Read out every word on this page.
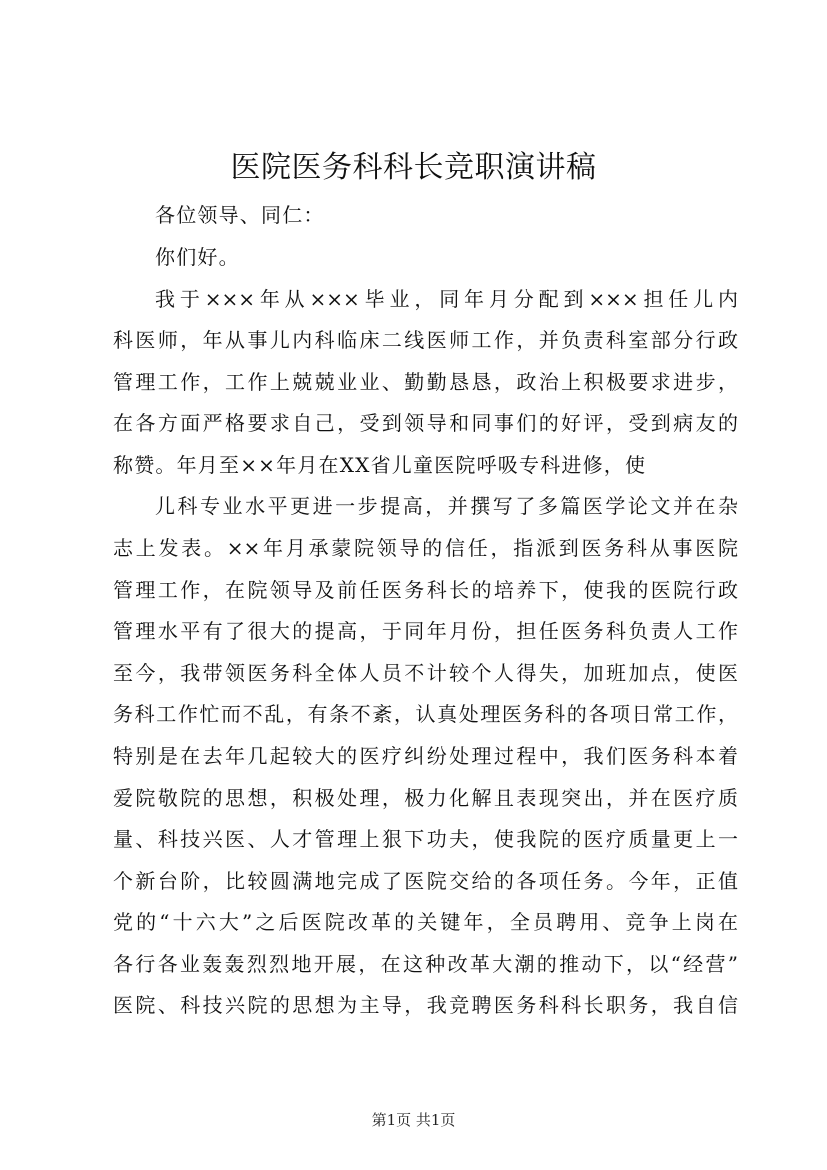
医院医务科科长竞职演讲稿
各位领导、同仁：
你们好。
我于×××年从×××毕业，同年月分配到×××担任儿内
科医师，年从事儿内科临床二线医师工作，并负责科室部分行政
管理工作，工作上兢兢业业、勤勤恳恳，政治上积极要求进步，
在各方面严格要求自己，受到领导和同事们的好评，受到病友的
称赞。年月至××年月在XX省儿童医院呼吸专科进修，使
儿科专业水平更进一步提高，并撰写了多篇医学论文并在杂
志上发表。××年月承蒙院领导的信任，指派到医务科从事医院
管理工作，在院领导及前任医务科长的培养下，使我的医院行政
管理水平有了很大的提高，于同年月份，担任医务科负责人工作
至今，我带领医务科全体人员不计较个人得失，加班加点，使医
务科工作忙而不乱，有条不紊，认真处理医务科的各项日常工作，
特别是在去年几起较大的医疗纠纷处理过程中，我们医务科本着
爱院敬院的思想，积极处理，极力化解且表现突出，并在医疗质
量、科技兴医、人才管理上狠下功夫，使我院的医疗质量更上一
个新台阶，比较圆满地完成了医院交给的各项任务。今年，正值
党的“十六大”之后医院改革的关键年，全员聘用、竞争上岗在
各行各业轰轰烈烈地开展，在这种改革大潮的推动下，以“经营”
医院、科技兴院的思想为主导，我竞聘医务科科长职务，我自信
第1页 共1页
